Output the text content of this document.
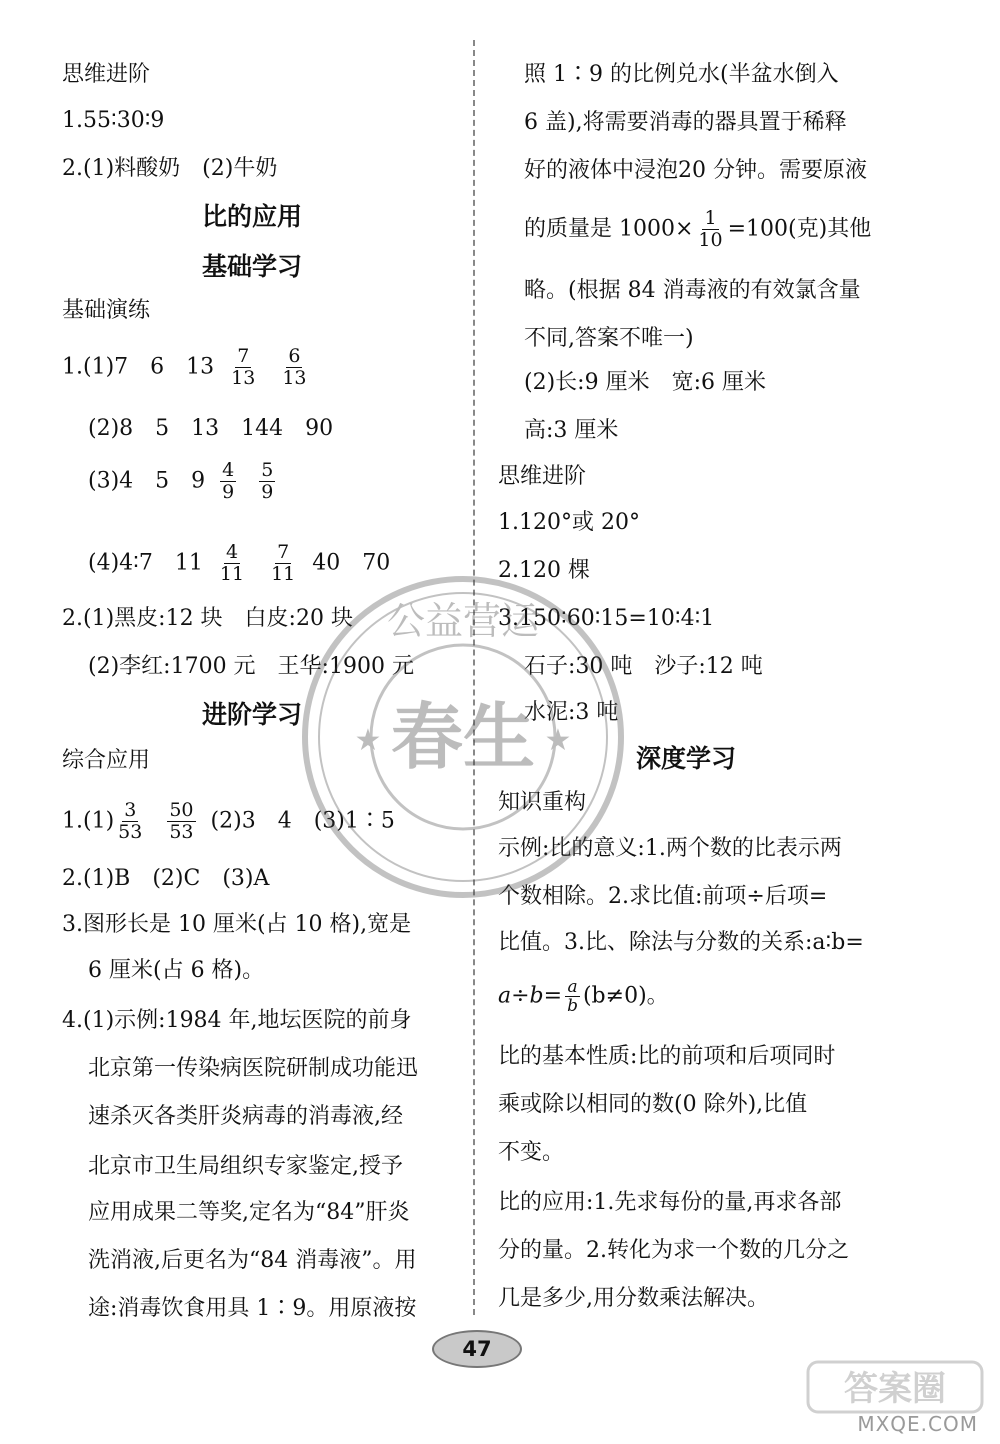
思维进阶
1.55∶30∶9
2.(1)料酸奶　(2)牛奶
比的应用
基础学习
基础演练
1.(1)7　6　$13 \frac{7}{13}$
$\frac{6}{13}$
(2)8　5　13　144　90
(3)4　5　$9 \frac{4}{9}$
$\frac{5}{9}$
(4)4∶7　$11 \frac{4}{11}$
$\frac{7}{11} 40$　70
2.(1)黑皮:12 块　白皮:20 块
(2)李红:1700 元　王华:1900 元
进阶学习
综合应用
$1.(1) \frac{3}{53}$
$\frac{50}{53} (2)3$　4　(3)1∶5
2.(1)B　(2)C　(3)A
3.图形长是 10 厘米(占 10 格),宽是
6 厘米(占 6 格)。
4.(1)示例:1984 年,地坛医院的前身
北京第一传染病医院研制成功能迅
速杀灭各类肝炎病毒的消毒液,经
北京市卫生局组织专家鉴定,授予
应用成果二等奖,定名为“84”肝炎
洗消液,后更名为“84 消毒液”。用
途:消毒饮食用具 1∶9。用原液按
照 1∶9 的比例兑水(半盆水倒入
6 盖),将需要消毒的器具置于稀释
好的液体中浸泡20 分钟。需要原液
的质量是 $1000\times \frac{1}{10} =100$(克)其他
略。(根据 84 消毒液的有效氯含量
不同,答案不唯一)
(2)长:9 厘米　宽:6 厘米
高:3 厘米
思维进阶
1.120°或 20°
2.120 棵
3.150∶60∶15=10∶4∶1
石子:30 吨　沙子:12 吨
水泥:3 吨
深度学习
知识重构
示例:比的意义:1.两个数的比表示两
个数相除。2.求比值:前项÷后项=
比值。3.比、除法与分数的关系:a∶b=
$a\div b= \frac{a}{b} (b\ne 0)$。
比的基本性质:比的前项和后项同时
乘或除以相同的数(0 除外),比值
不变。
比的应用:1.先求每份的量,再求各部
分的量。2.转化为求一个数的几分之
几是多少,用分数乘法解决。
春生
公益营运
★	★
47
答案圈
MXQE.COM
